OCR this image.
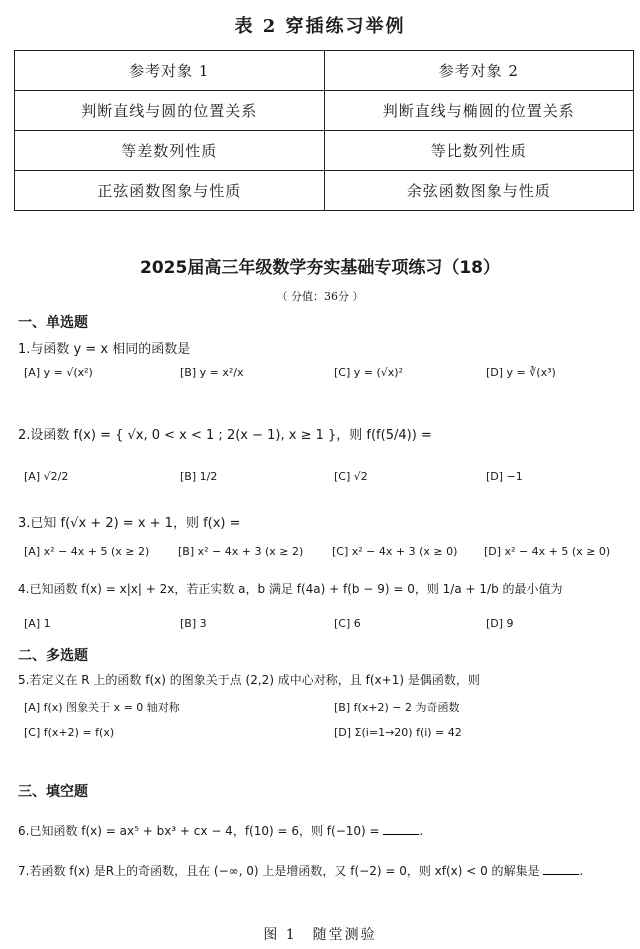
表 2 穿插练习举例
参考对象 1	参考对象 2
判断直线与圆的位置关系	判断直线与椭圆的位置关系
等差数列性质	等比数列性质
正弦函数图象与性质	余弦函数图象与性质
2025届高三年级数学夯实基础专项练习（18）
（ 分值：36分 ）
一、单选题
1.与函数 y = x 相同的函数是
[A] y = √(x²)	[B] y = x²/x	[C] y = (√x)²	[D] y = ∛(x³)
2.设函数 f(x) = { √x, 0 < x < 1 ; 2(x − 1), x ≥ 1 }，则 f(f(5/4)) =
[A] √2/2	[B] 1/2	[C] √2	[D] −1
3.已知 f(√x + 2) = x + 1，则 f(x) =
[A] x² − 4x + 5 (x ≥ 2)	[B] x² − 4x + 3 (x ≥ 2)	[C] x² − 4x + 3 (x ≥ 0) [D] x² − 4x + 5 (x ≥ 0)
4.已知函数 f(x) = x|x| + 2x，若正实数 a，b 满足 f(4a) + f(b − 9) = 0，则 1/a + 1/b 的最小值为
[A] 1	[B] 3	[C] 6	[D] 9
二、多选题
5.若定义在 R 上的函数 f(x) 的图象关于点 (2,2) 成中心对称，且 f(x+1) 是偶函数，则
[A] f(x) 图象关于 x = 0 轴对称	[B] f(x+2) − 2 为奇函数
[C] f(x+2) = f(x)	[D] Σ(i=1→20) f(i) = 42
三、填空题
6.已知函数 f(x) = ax⁵ + bx³ + cx − 4，f(10) = 6，则 f(−10) =	.
7.若函数 f(x) 是R上的奇函数，且在 (−∞, 0) 上是增函数，又 f(−2) = 0，则 xf(x) < 0 的解集是	.
图 1　随堂测验
